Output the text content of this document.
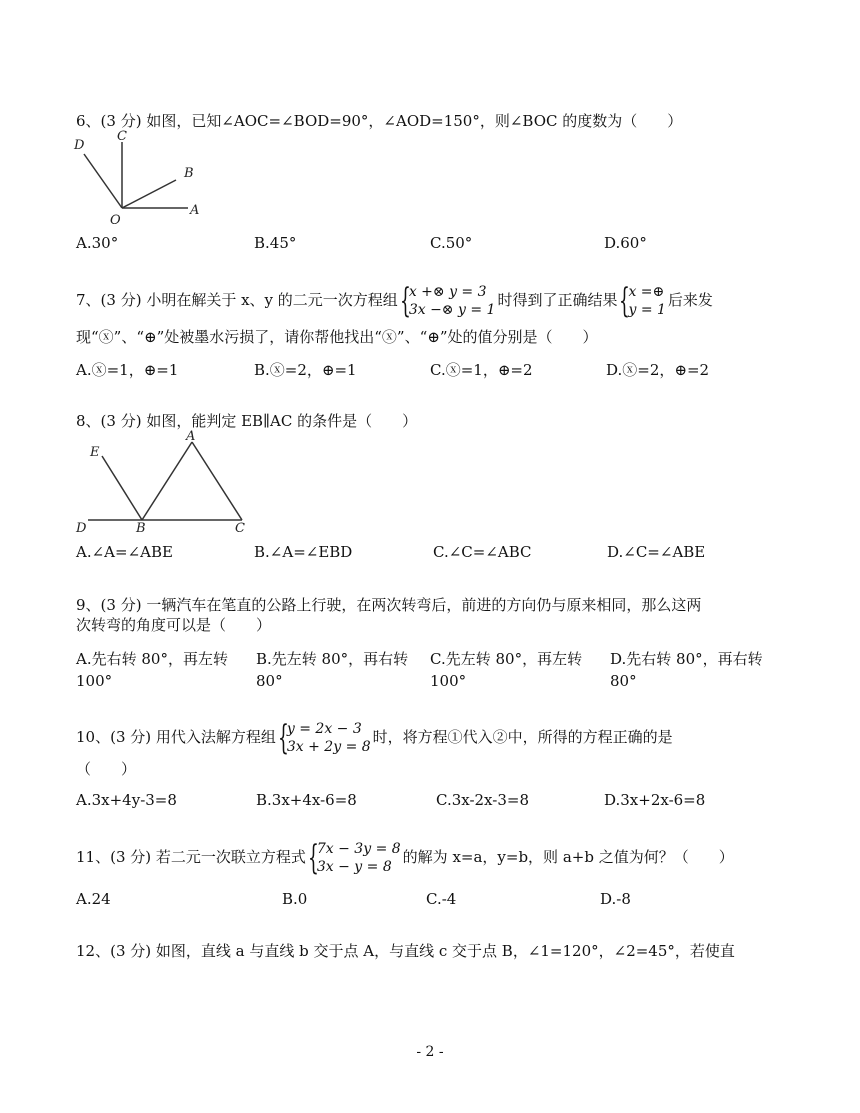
6、(3 分) 如图，已知∠AOC=∠BOD=90°，∠AOD=150°，则∠BOC 的度数为（　　）
D
C
B
A
O
A.30°	B.45°	C.50°	D.60°
7、(3 分) 小明在解关于 x、y 的二元一次方程组 {
x +⊗ y = 3
3x −⊗ y = 1
时得到了正确结果 {
x =⊕
y = 1
后来发
现“ⓧ”、“⊕”处被墨水污损了，请你帮他找出“ⓧ”、“⊕”处的值分别是（　　）
A.ⓧ=1，⊕=1	B.ⓧ=2，⊕=1	C.ⓧ=1，⊕=2	D.ⓧ=2，⊕=2
8、(3 分) 如图，能判定 EB∥AC 的条件是（　　）
E
A
D	B	C
A.∠A=∠ABE	B.∠A=∠EBD	C.∠C=∠ABC	D.∠C=∠ABE
9、(3 分) 一辆汽车在笔直的公路上行驶，在两次转弯后，前进的方向仍与原来相同，那么这两
次转弯的角度可以是（　　）
A.先右转 80°，再左转
100°
B.先左转 80°，再右转
80°
C.先左转 80°，再左转
100°
D.先右转 80°，再右转
80°
10、(3 分) 用代入法解方程组 {
y = 2x − 3
3x + 2y = 8
时，将方程①代入②中，所得的方程正确的是
（　　）
A.3x+4y-3=8	B.3x+4x-6=8	C.3x-2x-3=8	D.3x+2x-6=8
11、(3 分) 若二元一次联立方程式 {
7x − 3y = 8
3x − y = 8
的解为 x=a，y=b，则 a+b 之值为何？（　　）
A.24	B.0	C.-4	D.-8
12、(3 分) 如图，直线 a 与直线 b 交于点 A，与直线 c 交于点 B，∠1=120°，∠2=45°，若使直
- 2 -
